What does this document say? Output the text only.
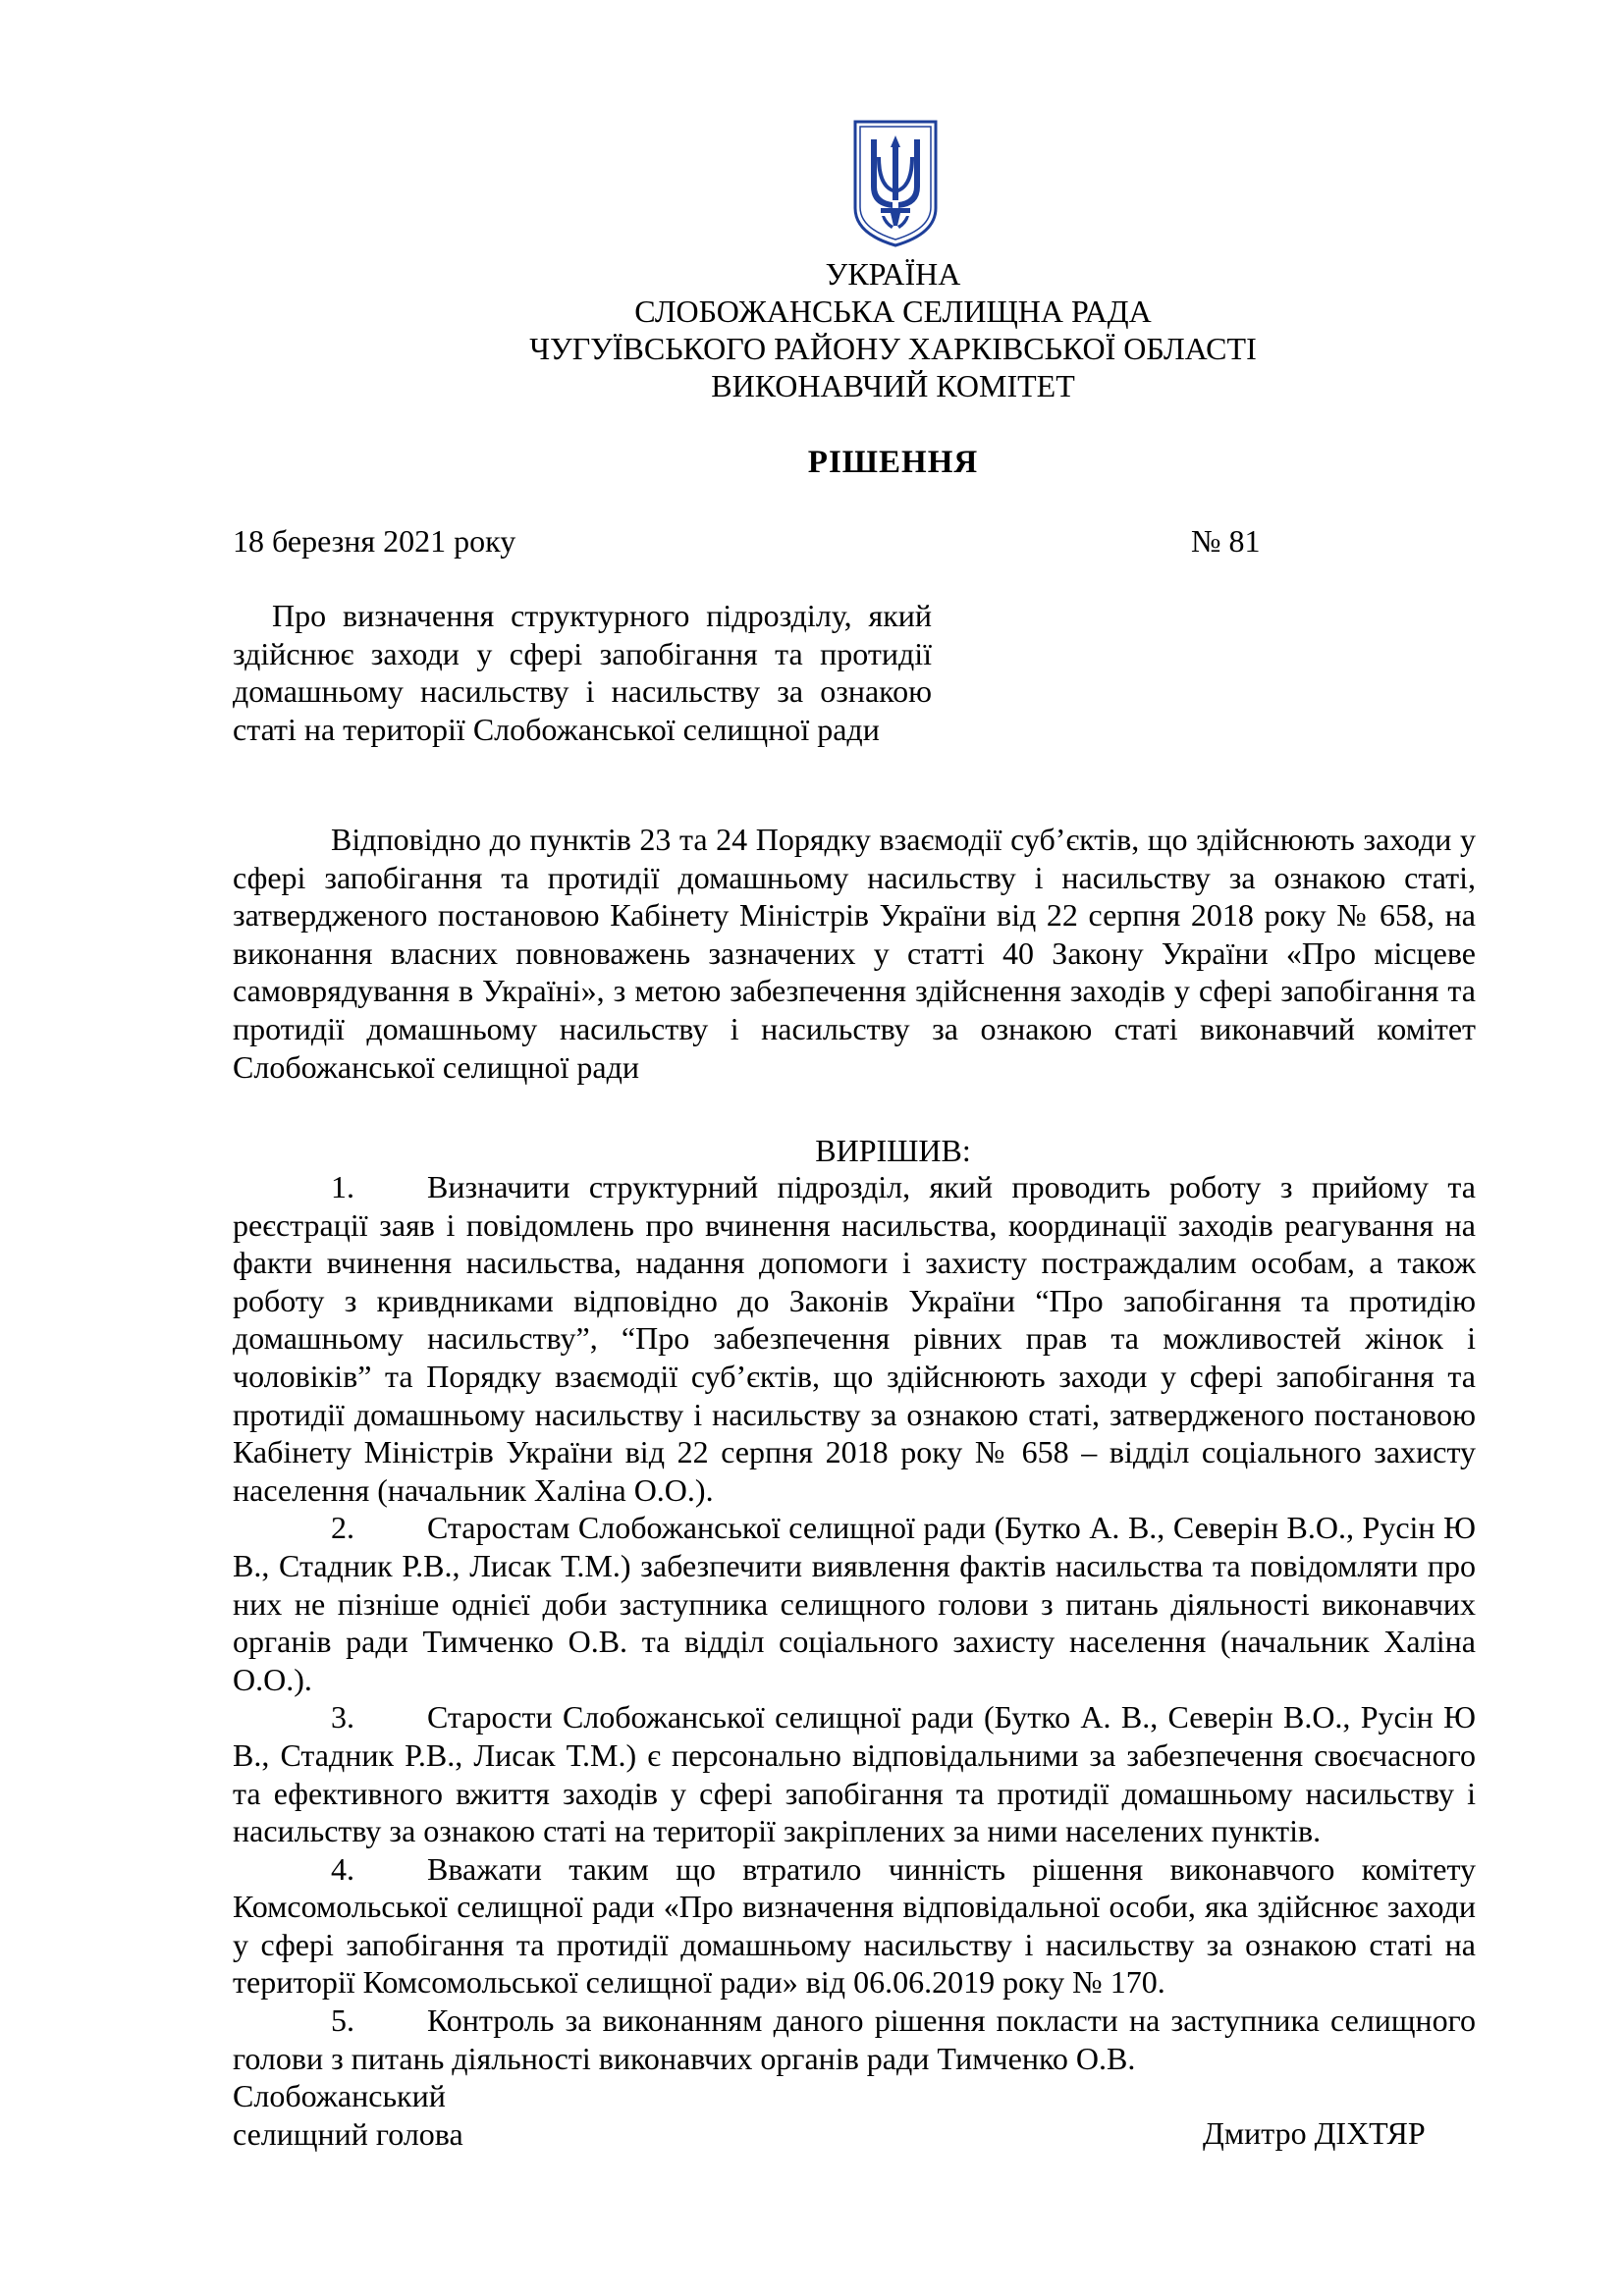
УКРАЇНА
СЛОБОЖАНСЬКА СЕЛИЩНА РАДА
ЧУГУЇВСЬКОГО РАЙОНУ ХАРКІВСЬКОЇ ОБЛАСТІ
ВИКОНАВЧИЙ КОМІТЕТ
РІШЕННЯ
18 березня 2021 року	№ 81
Про визначення структурного підрозділу, який здійснює заходи у сфері запобігання та протидії домашньому насильству і насильству за ознакою статі на території Слобожанської селищної ради
Відповідно до пунктів 23 та 24 Порядку взаємодії суб’єктів, що здійснюють заходи у сфері запобігання та протидії домашньому насильству і насильству за ознакою статі, затвердженого постановою Кабінету Міністрів України від 22 серпня 2018 року № 658, на виконання власних повноважень зазначених у статті 40 Закону України «Про місцеве самоврядування в Україні», з метою забезпечення здійснення заходів у сфері запобігання та протидії домашньому насильству і насильству за ознакою статі виконавчий комітет Слобожанської селищної ради
ВИРІШИВ:

1. Визначити структурний підрозділ, який проводить роботу з прийому та реєстрації заяв і повідомлень про вчинення насильства, координації заходів реагування на факти вчинення насильства, надання допомоги і захисту постраждалим особам, а також роботу з кривдниками відповідно до Законів України “Про запобігання та протидію домашньому насильству”, “Про забезпечення рівних прав та можливостей жінок і чоловіків” та Порядку взаємодії суб’єктів, що здійснюють заходи у сфері запобігання та протидії домашньому насильству і насильству за ознакою статі, затвердженого постановою Кабінету Міністрів України від 22 серпня 2018 року № 658 – відділ соціального захисту населення (начальник Халіна О.О.).

2. Старостам Слобожанської селищної ради (Бутко А. В., Северін В.О., Русін Ю В., Стадник Р.В., Лисак Т.М.) забезпечити виявлення фактів насильства та повідомляти про них не пізніше однієї доби заступника селищного голови з питань діяльності виконавчих органів ради Тимченко О.В. та відділ соціального захисту населення (начальник Халіна О.О.).

3. Старости Слобожанської селищної ради (Бутко А. В., Северін В.О., Русін Ю В., Стадник Р.В., Лисак Т.М.) є персонально відповідальними за забезпечення своєчасного та ефективного вжиття заходів у сфері запобігання та протидії домашньому насильству і насильству за ознакою статі на території закріплених за ними населених пунктів.

4. Вважати таким що втратило чинність рішення виконавчого комітету Комсомольської селищної ради «Про визначення відповідальної особи, яка здійснює заходи у сфері запобігання та протидії домашньому насильству і насильству за ознакою статі на території Комсомольської селищної ради» від 06.06.2019 року № 170.

5. Контроль за виконанням даного рішення покласти на заступника селищного голови з питань діяльності виконавчих органів ради Тимченко О.В.

Слобожанський
селищний голова	Дмитро ДІХТЯР
